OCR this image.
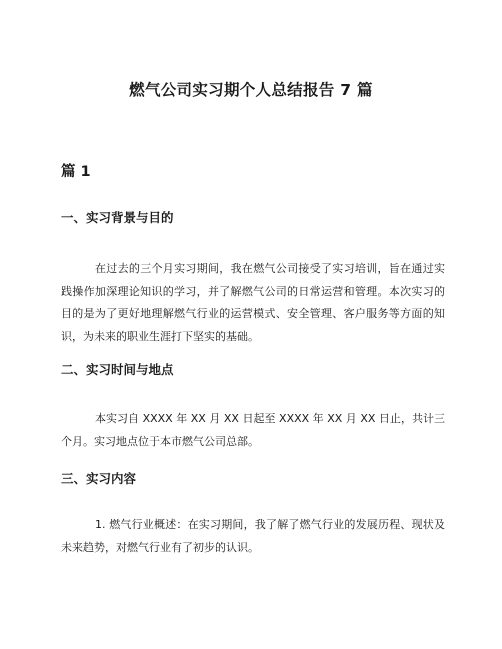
燃气公司实习期个人总结报告 7 篇
篇 1
一、实习背景与目的

在过去的三个月实习期间，我在燃气公司接受了实习培训，旨在通过实践操作加深理论知识的学习，并了解燃气公司的日常运营和管理。本次实习的目的是为了更好地理解燃气行业的运营模式、安全管理、客户服务等方面的知识，为未来的职业生涯打下坚实的基础。

二、实习时间与地点

本实习自 XXXX 年 XX 月 XX 日起至 XXXX 年 XX 月 XX 日止，共计三个月。实习地点位于本市燃气公司总部。

三、实习内容

1. 燃气行业概述：在实习期间，我了解了燃气行业的发展历程、现状及未来趋势，对燃气行业有了初步的认识。
